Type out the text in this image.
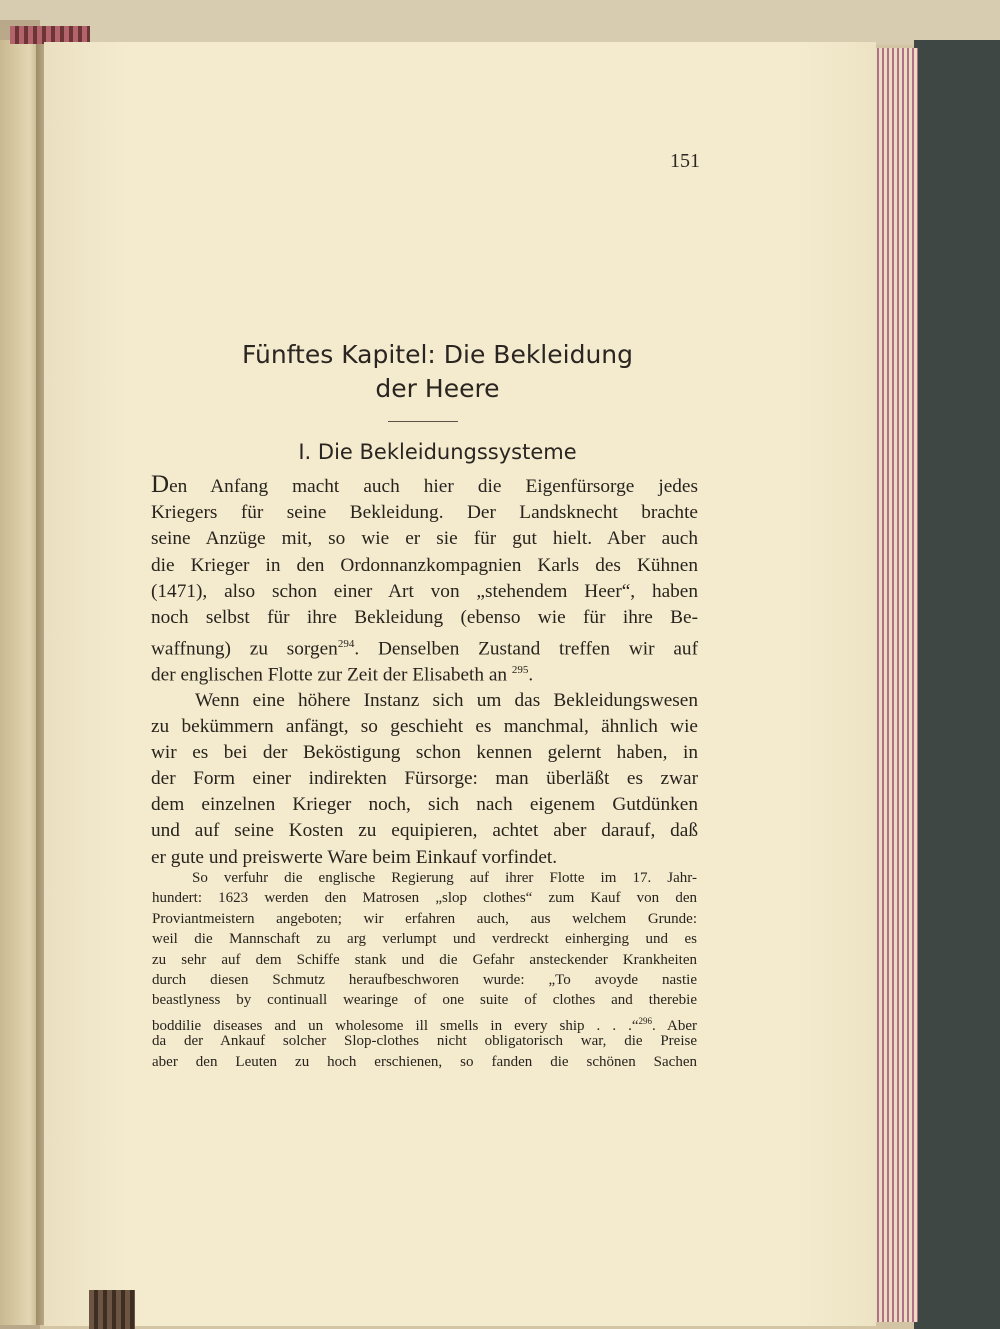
151
Fünftes Kapitel: Die Bekleidung
der Heere
I. Die Bekleidungssysteme
Den Anfang macht auch hier die Eigenfürsorge jedes
Kriegers für seine Bekleidung. Der Landsknecht brachte
seine Anzüge mit, so wie er sie für gut hielt. Aber auch
die Krieger in den Ordonnanzkompagnien Karls des Kühnen
(1471), also schon einer Art von „stehendem Heer“, haben
noch selbst für ihre Bekleidung (ebenso wie für ihre Be-
waffnung) zu sorgen$^{294}$. Denselben Zustand treffen wir auf
der englischen Flotte zur Zeit der Elisabeth an $^{295}$.
Wenn eine höhere Instanz sich um das Bekleidungswesen
zu bekümmern anfängt, so geschieht es manchmal, ähnlich wie
wir es bei der Beköstigung schon kennen gelernt haben, in
der Form einer indirekten Fürsorge: man überläßt es zwar
dem einzelnen Krieger noch, sich nach eigenem Gutdünken
und auf seine Kosten zu equipieren, achtet aber darauf, daß
er gute und preiswerte Ware beim Einkauf vorfindet.
So verfuhr die englische Regierung auf ihrer Flotte im 17. Jahr-
hundert: 1623 werden den Matrosen „slop clothes“ zum Kauf von den
Proviantmeistern angeboten; wir erfahren auch, aus welchem Grunde:
weil die Mannschaft zu arg verlumpt und verdreckt einherging und es
zu sehr auf dem Schiffe stank und die Gefahr ansteckender Krankheiten
durch diesen Schmutz heraufbeschworen wurde: „To avoyde nastie
beastlyness by continuall wearinge of one suite of clothes and therebie
boddilie diseases and un wholesome ill smells in every ship . . .“$^{296}$. Aber
da der Ankauf solcher Slop-clothes nicht obligatorisch war, die Preise
aber den Leuten zu hoch erschienen, so fanden die schönen Sachen
